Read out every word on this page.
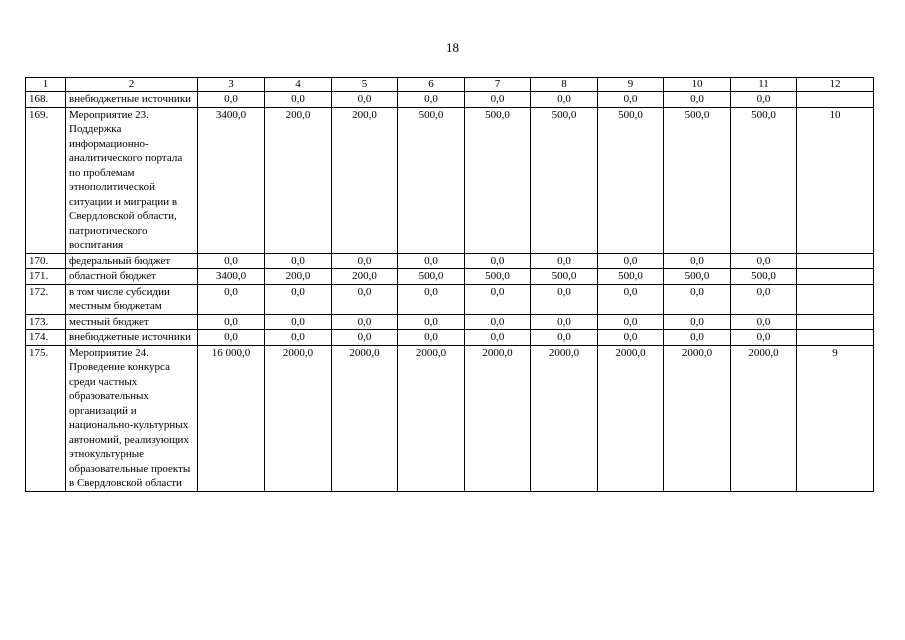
18
1	2	3	4	5	6	7	8	9	10	11	12
168.	внебюджетные источники	0,0	0,0	0,0	0,0	0,0	0,0	0,0	0,0	0,0	
169.	Мероприятие 23. Поддержка информационно-аналитического портала по проблемам этнополитической ситуации и миграции в Свердловской области, патриотического воспитания	3400,0	200,0	200,0	500,0	500,0	500,0	500,0	500,0	500,0	10
170.	федеральный бюджет	0,0	0,0	0,0	0,0	0,0	0,0	0,0	0,0	0,0	
171.	областной бюджет	3400,0	200,0	200,0	500,0	500,0	500,0	500,0	500,0	500,0	
172.	в том числе субсидии местным бюджетам	0,0	0,0	0,0	0,0	0,0	0,0	0,0	0,0	0,0	
173.	местный бюджет	0,0	0,0	0,0	0,0	0,0	0,0	0,0	0,0	0,0	
174.	внебюджетные источники	0,0	0,0	0,0	0,0	0,0	0,0	0,0	0,0	0,0	
175.	Мероприятие 24. Проведение конкурса среди частных образовательных организаций и национально-культурных автономий, реализующих этнокультурные образовательные проекты в Свердловской области	16 000,0	2000,0	2000,0	2000,0	2000,0	2000,0	2000,0	2000,0	2000,0	9
